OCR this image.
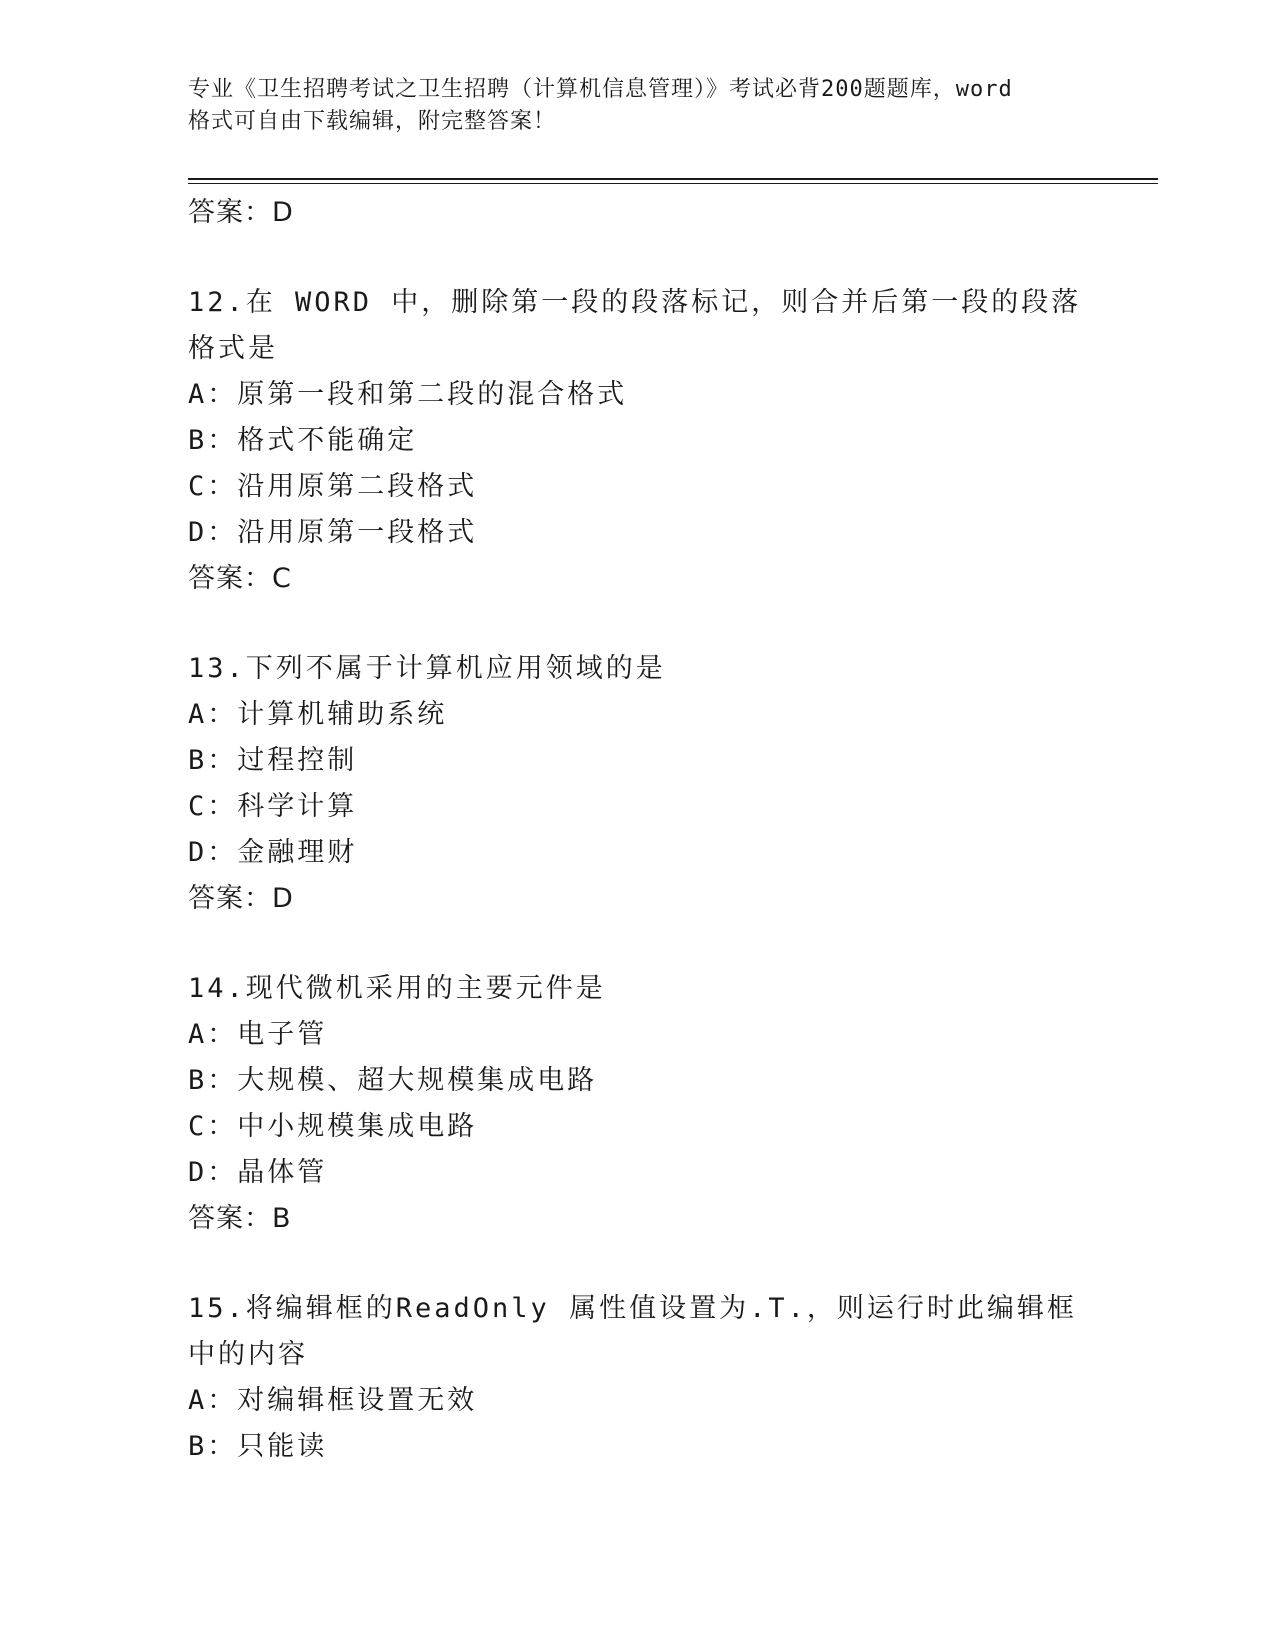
专业《卫生招聘考试之卫生招聘（计算机信息管理）》考试必背200题题库，word
格式可自由下载编辑，附完整答案！
答案：D
12.在 WORD 中，删除第一段的段落标记，则合并后第一段的段落格式是
A：原第一段和第二段的混合格式
B：格式不能确定
C：沿用原第二段格式
D：沿用原第一段格式
答案：C
13.下列不属于计算机应用领域的是
A：计算机辅助系统
B：过程控制
C：科学计算
D：金融理财
答案：D
14.现代微机采用的主要元件是
A：电子管
B：大规模、超大规模集成电路
C：中小规模集成电路
D：晶体管
答案：B
15.将编辑框的ReadOnly 属性值设置为.T.，则运行时此编辑框中的内容
A：对编辑框设置无效
B：只能读
